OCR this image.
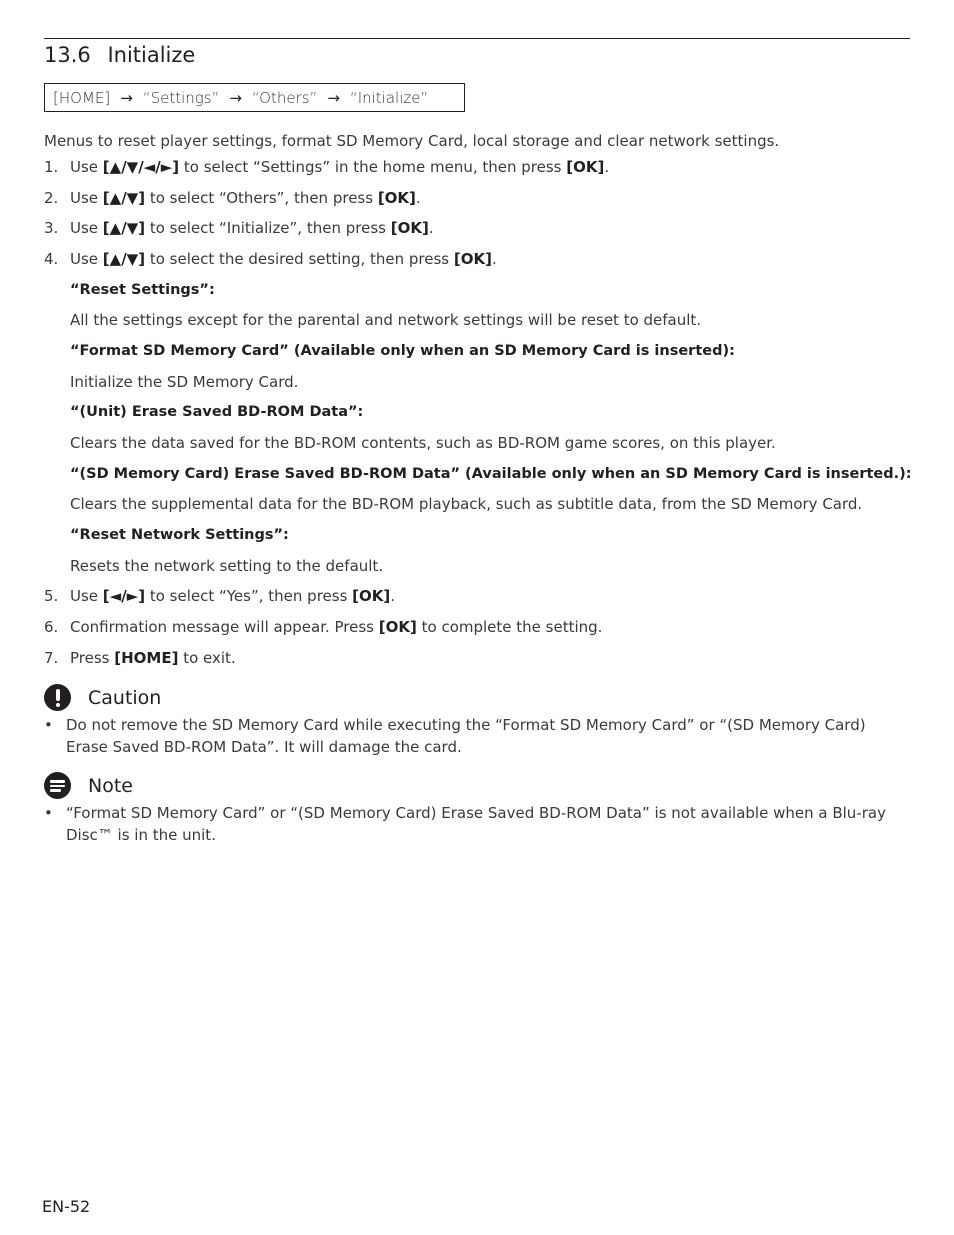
13.6 Initialize
[HOME] → “Settings” → “Others” → “Initialize”
Menus to reset player settings, format SD Memory Card, local storage and clear network settings.
1. Use [▲/▼/◄/►] to select “Settings” in the home menu, then press [OK].
2. Use [▲/▼] to select “Others”, then press [OK].
3. Use [▲/▼] to select “Initialize”, then press [OK].
4. Use [▲/▼] to select the desired setting, then press [OK].
“Reset Settings”:
All the settings except for the parental and network settings will be reset to default.
“Format SD Memory Card” (Available only when an SD Memory Card is inserted):
Initialize the SD Memory Card.
“(Unit) Erase Saved BD-ROM Data”:
Clears the data saved for the BD-ROM contents, such as BD-ROM game scores, on this player.
“(SD Memory Card) Erase Saved BD-ROM Data” (Available only when an SD Memory Card is inserted.):
Clears the supplemental data for the BD-ROM playback, such as subtitle data, from the SD Memory Card.
“Reset Network Settings”:
Resets the network setting to the default.
5. Use [◄/►] to select “Yes”, then press [OK].
6. Confirmation message will appear. Press [OK] to complete the setting.
7. Press [HOME] to exit.
Caution
• Do not remove the SD Memory Card while executing the “Format SD Memory Card” or “(SD Memory Card) Erase Saved BD-ROM Data”. It will damage the card.
Note
• “Format SD Memory Card” or “(SD Memory Card) Erase Saved BD-ROM Data” is not available when a Blu-ray Disc™ is in the unit.
EN-52
